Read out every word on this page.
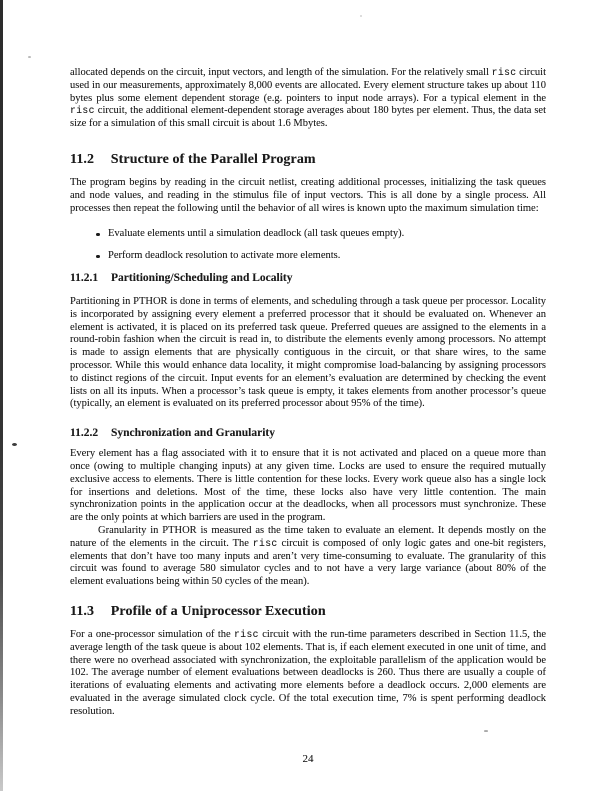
allocated depends on the circuit, input vectors, and length of the simulation. For the relatively small risc circuit used in our measurements, approximately 8,000 events are allocated. Every element structure takes up about 110 bytes plus some element dependent storage (e.g. pointers to input node arrays). For a typical element in the risc circuit, the additional element-dependent storage averages about 180 bytes per element. Thus, the data set size for a simulation of this small circuit is about 1.6 Mbytes.

11.2 Structure of the Parallel Program

The program begins by reading in the circuit netlist, creating additional processes, initializing the task queues and node values, and reading in the stimulus file of input vectors. This is all done by a single process. All processes then repeat the following until the behavior of all wires is known upto the maximum simulation time:

Evaluate elements until a simulation deadlock (all task queues empty).
Perform deadlock resolution to activate more elements.
11.2.1 Partitioning/Scheduling and Locality

Partitioning in PTHOR is done in terms of elements, and scheduling through a task queue per processor. Locality is incorporated by assigning every element a preferred processor that it should be evaluated on. Whenever an element is activated, it is placed on its preferred task queue. Preferred queues are assigned to the elements in a round-robin fashion when the circuit is read in, to distribute the elements evenly among processors. No attempt is made to assign elements that are physically contiguous in the circuit, or that share wires, to the same processor. While this would enhance data locality, it might compromise load-balancing by assigning processors to distinct regions of the circuit. Input events for an element’s evaluation are determined by checking the event lists on all its inputs. When a processor’s task queue is empty, it takes elements from another processor’s queue (typically, an element is evaluated on its preferred processor about 95% of the time).

11.2.2 Synchronization and Granularity

Every element has a flag associated with it to ensure that it is not activated and placed on a queue more than once (owing to multiple changing inputs) at any given time. Locks are used to ensure the required mutually exclusive access to elements. There is little contention for these locks. Every work queue also has a single lock for insertions and deletions. Most of the time, these locks also have very little contention. The main synchronization points in the application occur at the deadlocks, when all processors must synchronize. These are the only points at which barriers are used in the program.

Granularity in PTHOR is measured as the time taken to evaluate an element. It depends mostly on the nature of the elements in the circuit. The risc circuit is composed of only logic gates and one-bit registers, elements that don’t have too many inputs and aren’t very time-consuming to evaluate. The granularity of this circuit was found to average 580 simulator cycles and to not have a very large variance (about 80% of the element evaluations being within 50 cycles of the mean).

11.3 Profile of a Uniprocessor Execution

For a one-processor simulation of the risc circuit with the run-time parameters described in Section 11.5, the average length of the task queue is about 102 elements. That is, if each element executed in one unit of time, and there were no overhead associated with synchronization, the exploitable parallelism of the application would be 102. The average number of element evaluations between deadlocks is 260. Thus there are usually a couple of iterations of evaluating elements and activating more elements before a deadlock occurs. 2,000 elements are evaluated in the average simulated clock cycle. Of the total execution time, 7% is spent performing deadlock resolution.

24
